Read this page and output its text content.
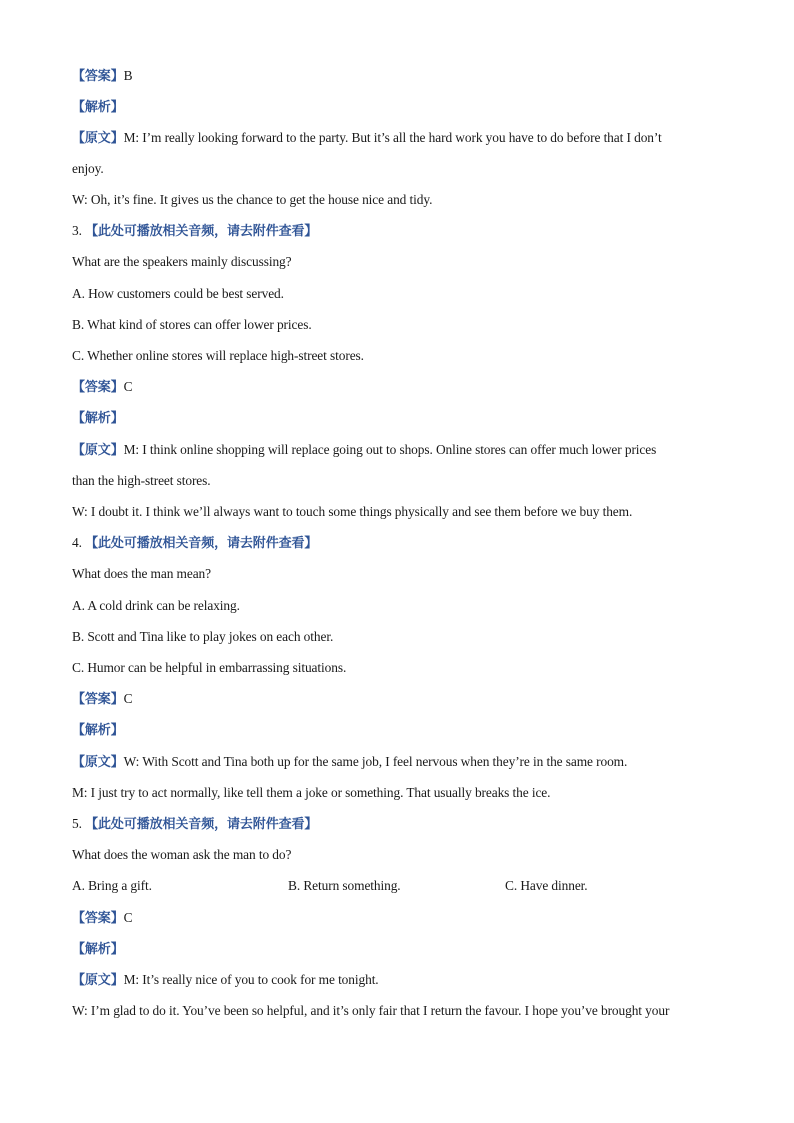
【答案】B
【解析】
【原文】M: I’m really looking forward to the party. But it’s all the hard work you have to do before that I don’t
enjoy.
W: Oh, it’s fine. It gives us the chance to get the house nice and tidy.
3. 【此处可播放相关音频，请去附件查看】
What are the speakers mainly discussing?
A. How customers could be best served.
B. What kind of stores can offer lower prices.
C. Whether online stores will replace high-street stores.
【答案】C
【解析】
【原文】M: I think online shopping will replace going out to shops. Online stores can offer much lower prices
than the high-street stores.
W: I doubt it. I think we’ll always want to touch some things physically and see them before we buy them.
4. 【此处可播放相关音频，请去附件查看】
What does the man mean?
A. A cold drink can be relaxing.
B. Scott and Tina like to play jokes on each other.
C. Humor can be helpful in embarrassing situations.
【答案】C
【解析】
【原文】W: With Scott and Tina both up for the same job, I feel nervous when they’re in the same room.
M: I just try to act normally, like tell them a joke or something. That usually breaks the ice.
5. 【此处可播放相关音频，请去附件查看】
What does the woman ask the man to do?
A. Bring a gift.	B. Return something.	C. Have dinner.
【答案】C
【解析】
【原文】M: It’s really nice of you to cook for me tonight.
W: I’m glad to do it. You’ve been so helpful, and it’s only fair that I return the favour. I hope you’ve brought your
